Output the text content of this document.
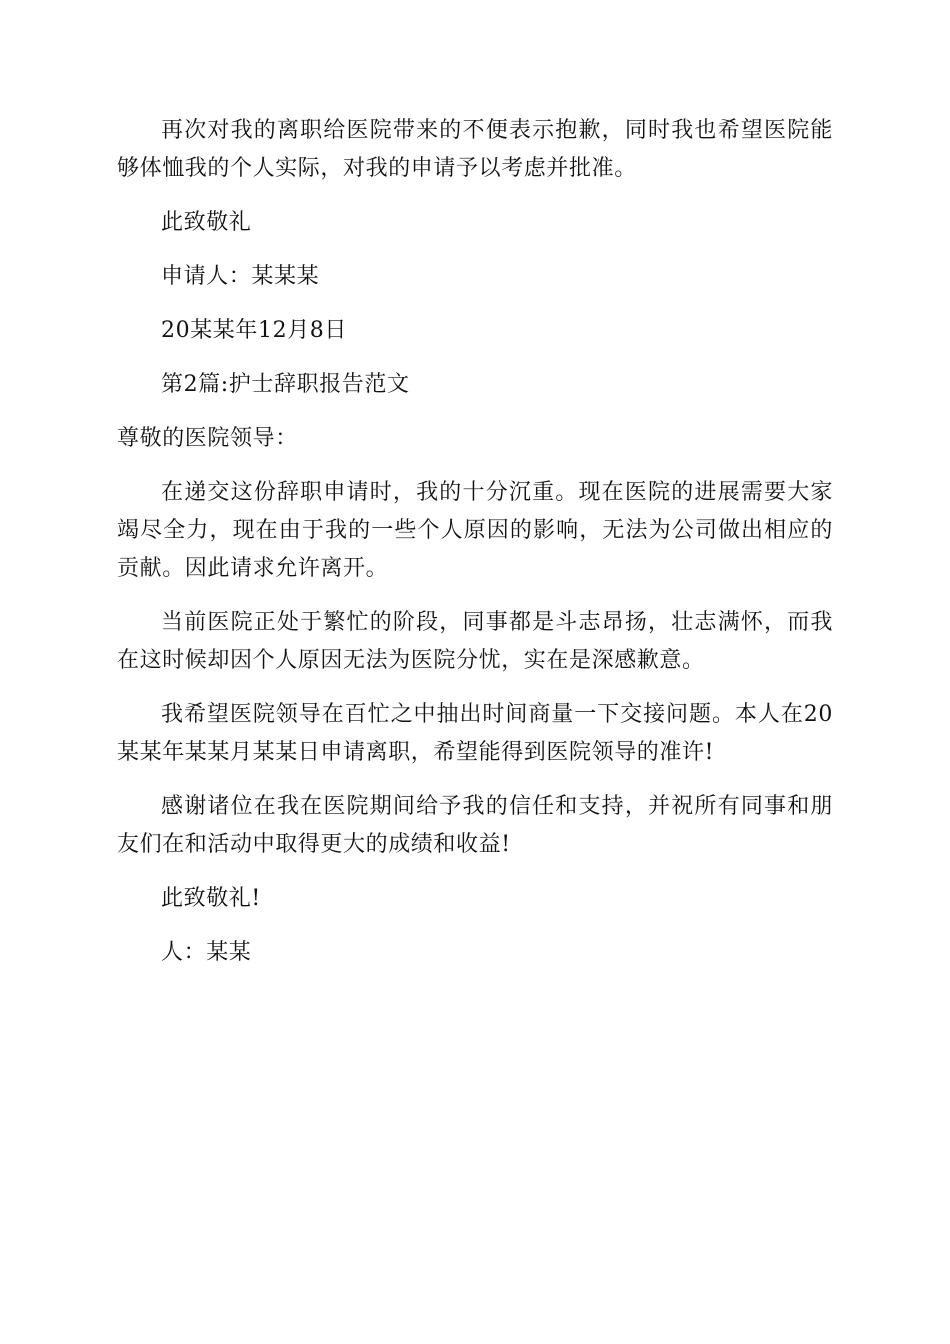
再次对我的离职给医院带来的不便表示抱歉，同时我也希望医院能够体恤我的个人实际，对我的申请予以考虑并批准。

此致敬礼

申请人：某某某

20某某年12月8日

第2篇:护士辞职报告范文

尊敬的医院领导：

在递交这份辞职申请时，我的十分沉重。现在医院的进展需要大家竭尽全力，现在由于我的一些个人原因的影响，无法为公司做出相应的贡献。因此请求允许离开。

当前医院正处于繁忙的阶段，同事都是斗志昂扬，壮志满怀，而我在这时候却因个人原因无法为医院分忧，实在是深感歉意。

我希望医院领导在百忙之中抽出时间商量一下交接问题。本人在20某某年某某月某某日申请离职，希望能得到医院领导的准许!

感谢诸位在我在医院期间给予我的信任和支持，并祝所有同事和朋友们在和活动中取得更大的成绩和收益!

此致敬礼!

人：某某
